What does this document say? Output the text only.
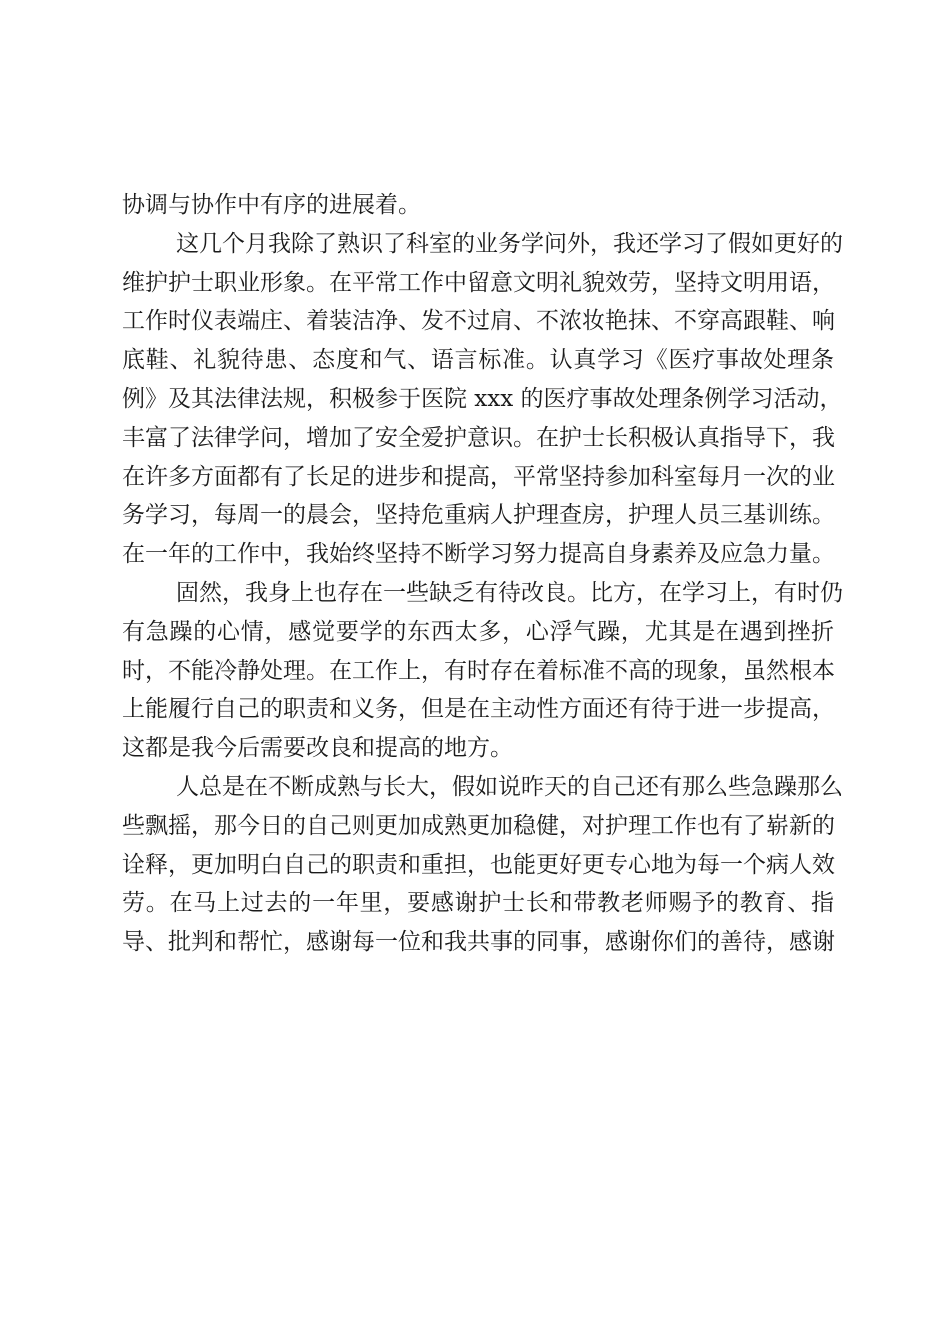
协调与协作中有序的进展着。
这几个月我除了熟识了科室的业务学问外，我还学习了假如更好的
维护护士职业形象。在平常工作中留意文明礼貌效劳，坚持文明用语，
工作时仪表端庄、着装洁净、发不过肩、不浓妆艳抹、不穿高跟鞋、响
底鞋、礼貌待患、态度和气、语言标准。认真学习《医疗事故处理条
例》及其法律法规，积极参于医院 xxx 的医疗事故处理条例学习活动，
丰富了法律学问，增加了安全爱护意识。在护士长积极认真指导下，我
在许多方面都有了长足的进步和提高，平常坚持参加科室每月一次的业
务学习，每周一的晨会，坚持危重病人护理查房，护理人员三基训练。
在一年的工作中，我始终坚持不断学习努力提高自身素养及应急力量。
固然，我身上也存在一些缺乏有待改良。比方，在学习上，有时仍
有急躁的心情，感觉要学的东西太多，心浮气躁，尤其是在遇到挫折
时，不能冷静处理。在工作上，有时存在着标准不高的现象，虽然根本
上能履行自己的职责和义务，但是在主动性方面还有待于进一步提高，
这都是我今后需要改良和提高的地方。
人总是在不断成熟与长大，假如说昨天的自己还有那么些急躁那么
些飘摇，那今日的自己则更加成熟更加稳健，对护理工作也有了崭新的
诠释，更加明白自己的职责和重担，也能更好更专心地为每一个病人效
劳。在马上过去的一年里，要感谢护士长和带教老师赐予的教育、指
导、批判和帮忙，感谢每一位和我共事的同事，感谢你们的善待，感谢
